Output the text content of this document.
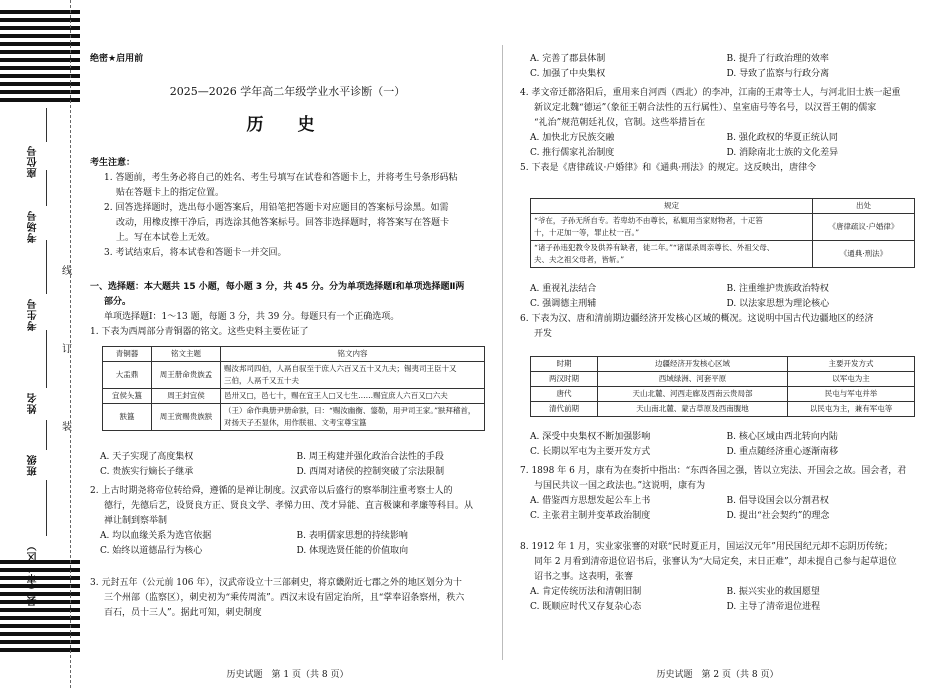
座位号
考场号
考生号
姓名
班级
县（市、区）
线
订
装
绝密★启用前
2025—2026 学年高二年级学业水平诊断（一）
历 史

考生注意：

1. 答题前，考生务必将自己的姓名、考生号填写在试卷和答题卡上，并将考生号条形码粘

贴在答题卡上的指定位置。

2. 回答选择题时，选出每小题答案后，用铅笔把答题卡对应题目的答案标号涂黑。如需

改动，用橡皮擦干净后，再选涂其他答案标号。回答非选择题时，将答案写在答题卡

上。写在本试卷上无效。

3. 考试结束后，将本试卷和答题卡一并交回。

一、选择题：本大题共 15 小题，每小题 3 分，共 45 分。分为单项选择题Ⅰ和单项选择题Ⅱ两

部分。

单项选择题Ⅰ：1～13 题，每题 3 分，共 39 分。每题只有一个正确选项。

1. 下表为西周部分青铜器的铭文。这些史料主要佐证了

青铜器	铭文主题	铭文内容
大盂鼎	周王册命贵族孟	赐汝邦司四伯，人鬲自驭至于庶人六百又五十又九夫；锡夷司王臣十又
三伯，人鬲千又五十夫

宜侯夨簋	周王封宜侯	邑卅又□，邑七十，赐在宜王人□又七生……赐宜庶人六百又□六夫
㝬簋	周王赏赐贵族㝬	（王）命作典册尹册命㝬，曰：“赐汝幽衡、鋚勒，用尹司王家。”㝬拜稽首，
对扬天子丕显休，用作朕祖、文考宝尊宝簋
A. 天子实现了高度集权	B. 周王构建并强化政治合法性的手段
C. 贵族实行嫡长子继承	D. 西周对诸侯的控制突破了宗法限制

2. 上古时期尧将帝位转给舜，遵循的是禅让制度。汉武帝以后盛行的察举制注重考察士人的

德行，先德后艺，设贤良方正、贤良文学、孝悌力田、茂才异能、直言极谏和孝廉等科目。从

禅让制到察举制

A. 均以血缘关系为选官依据	B. 表明儒家思想的持续影响
C. 始终以道德品行为核心	D. 体现选贤任能的价值取向

3. 元封五年（公元前 106 年），汉武帝设立十三部刺史，将京畿附近七郡之外的地区划分为十

三个州部（监察区），刺史初为“乘传周流”。西汉末设有固定治所，且“掌奉诏条察州，秩六

百石，员十三人”。据此可知，刺史制度

历史试题　第 1 页（共 8 页）
A. 完善了郡县体制	B. 提升了行政治理的效率
C. 加强了中央集权	D. 导致了监察与行政分离

4. 孝文帝迁都洛阳后，重用来自河西（西北）的李冲，江南的王肃等士人，与河北旧士族一起重

新议定北魏“德运”（象征王朝合法性的五行属性）、皇室庙号等名号，以汉晋王朝的儒家

“礼治”规范朝廷礼仪，官制。这些举措旨在

A. 加快北方民族交融	B. 强化政权的华夏正统认同
C. 推行儒家礼治制度	D. 消除南北士族的文化差异

5. 下表是《唐律疏议·户婚律》和《通典·刑法》的规定。这反映出，唐律令

规定	出处

“爷在，子孙无所自专。若卑幼不由尊长，私辄用当家财物者，十疋笞
十，十疋加一等，罪止杖一百。”	《唐律疏议·户婚律》

“诸子孙违犯教令及供养有缺者，徒二年。”“诸谋杀周亲尊长、外祖父母、
夫、夫之祖父母者，皆斩。”	《通典·刑法》
A. 重视礼法结合	B. 注重维护贵族政治特权
C. 强调德主刑辅	D. 以法家思想为理论核心

6. 下表为汉、唐和清前期边疆经济开发核心区域的概况。这说明中国古代边疆地区的经济

开发

时期	边疆经济开发核心区域	主要开发方式
两汉时期	西域绿洲、河套平原	以军屯为主
唐代	天山北麓、河西走廊及西南云贵局部	民屯与军屯并举
清代前期	天山南北麓、蒙古草原及西南腹地	以民屯为主，兼有军屯等
A. 深受中央集权不断加强影响	B. 核心区域由西北转向内陆
C. 长期以军屯为主要开发方式	D. 重点随经济重心逐渐南移

7. 1898 年 6 月，康有为在奏折中指出：“东西各国之强，皆以立宪法、开国会之故。国会者，君

与国民共议一国之政法也。”这说明，康有为

A. 借鉴西方思想发起公车上书	B. 倡导设国会以分割君权
C. 主张君主制并变革政治制度	D. 提出“社会契约”的理念

8. 1912 年 1 月，实业家张謇的对联“民时夏正月，国运汉元年”用民国纪元却不忘阴历传统；

同年 2 月看到清帝退位诏书后，张謇认为“大局定矣，末日正难”，却未提自己参与起草退位

诏书之事。这表明，张謇

A. 肯定传统历法和清朝旧制	B. 振兴实业的救国愿望
C. 既顺应时代又存复杂心态	D. 主导了清帝退位进程
历史试题　第 2 页（共 8 页）
